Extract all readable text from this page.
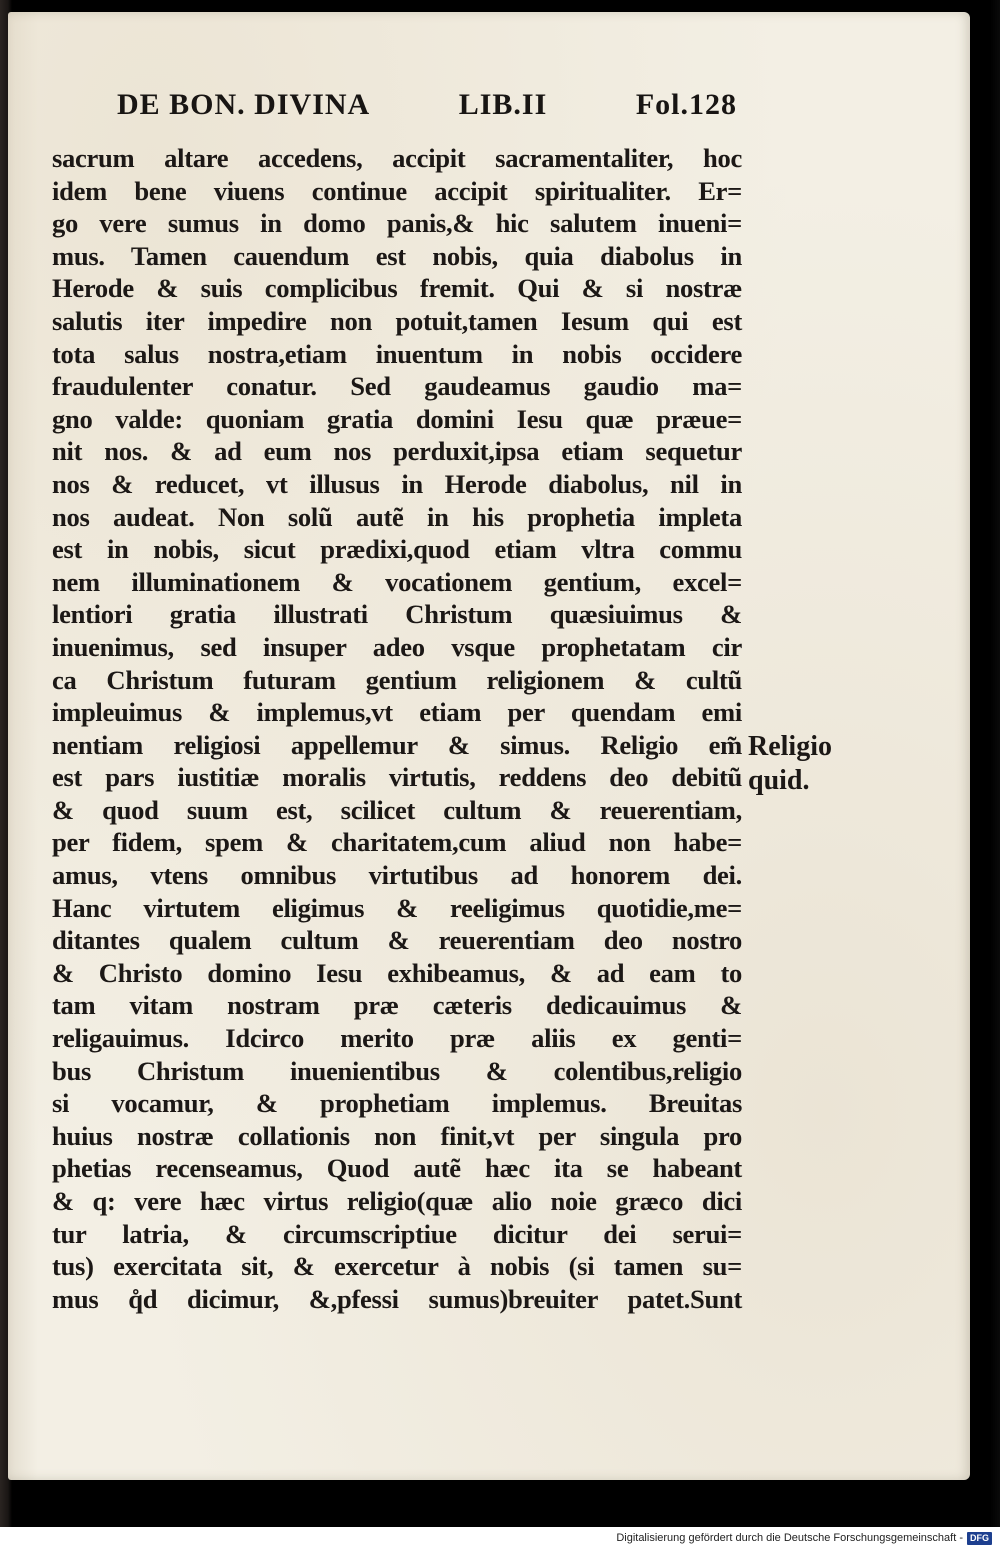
DE BON. DIVINA	LIB.II	Fol.128
sacrum altare accedens, accipit sacramentaliter, hoc
idem bene viuens continue accipit spiritualiter. Er=
go vere sumus in domo panis,& hic salutem inueni=
mus. Tamen cauendum est nobis, quia diabolus in
Herode & suis complicibus fremit. Qui & si nostræ
salutis iter impedire non potuit,tamen Iesum qui est
tota salus nostra,etiam inuentum in nobis occidere
fraudulenter conatur. Sed gaudeamus gaudio ma=
gno valde: quoniam gratia domini Iesu quæ præue=
nit nos. & ad eum nos perduxit,ipsa etiam sequetur
nos & reducet, vt illusus in Herode diabolus, nil in
nos audeat. Non solũ autẽ in his prophetia impleta
est in nobis, sicut prædixi,quod etiam vltra commu
nem illuminationem & vocationem gentium, excel=
lentiori gratia illustrati Christum quæsiuimus &
inuenimus, sed insuper adeo vsque prophetatam cir
ca Christum futuram gentium religionem & cultũ
impleuimus & implemus,vt etiam per quendam emi
nentiam religiosi appellemur & simus. Religio em̃
est pars iustitiæ moralis virtutis, reddens deo debitũ
& quod suum est, scilicet cultum & reuerentiam,
per fidem, spem & charitatem,cum aliud non habe=
amus, vtens omnibus virtutibus ad honorem dei.
Hanc virtutem eligimus & reeligimus quotidie,me=
ditantes qualem cultum & reuerentiam deo nostro
& Christo domino Iesu exhibeamus, & ad eam to
tam vitam nostram præ cæteris dedicauimus &
religauimus. Idcirco merito præ aliis ex genti=
bus Christum inuenientibus & colentibus,religio
si vocamur, & prophetiam implemus. Breuitas
huius nostræ collationis non finit,vt per singula pro
phetias recenseamus, Quod autẽ hæc ita se habeant
& q: vere hæc virtus religio(quæ alio noie græco dici
tur latria, & circumscriptiue dicitur dei serui=
tus) exercitata sit, & exercetur à nobis (si tamen su=
mus q̊d dicimur, &,pfessi sumus)breuiter patet.Sunt
Religio
quid.
Digitalisierung gefördert durch die Deutsche Forschungsgemeinschaft - DFG
